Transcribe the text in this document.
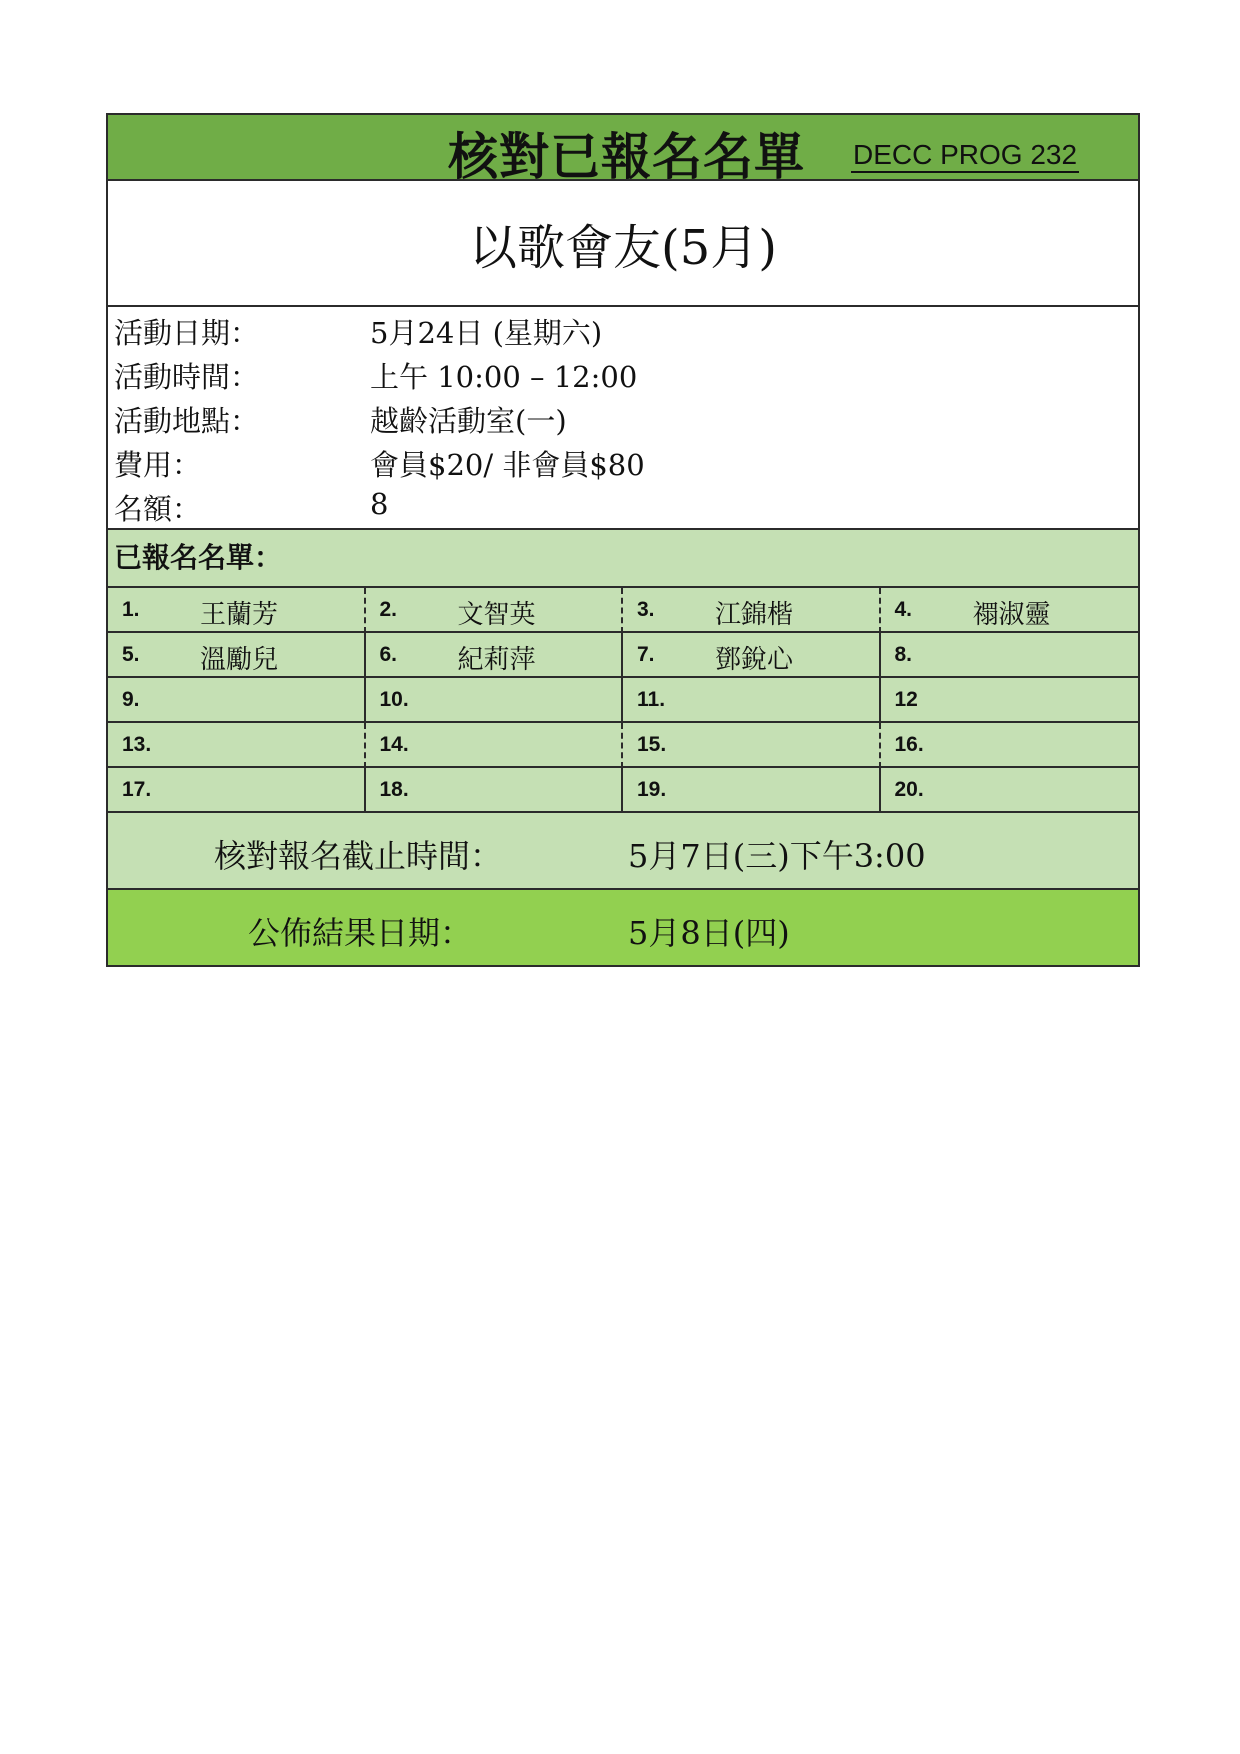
核對已報名名單 DECC PROG 232
以歌會友(5月)
活動日期：	5月24日 (星期六)
活動時間：	上午 10:00 – 12:00
活動地點：	越齡活動室(一)
費用：	會員$20/ 非會員$80
名額：	8
已報名名單：
1. 王蘭芳	2. 文智英	3. 江錦楷	4. 禤淑靈
5. 溫勵兒	6. 紀莉萍	7. 鄧銳心	8.
9.	10.	11.	12
13.	14.	15.	16.
17.	18.	19.	20.
核對報名截止時間：	5月7日(三)下午3:00
公佈結果日期：	5月8日(四)
